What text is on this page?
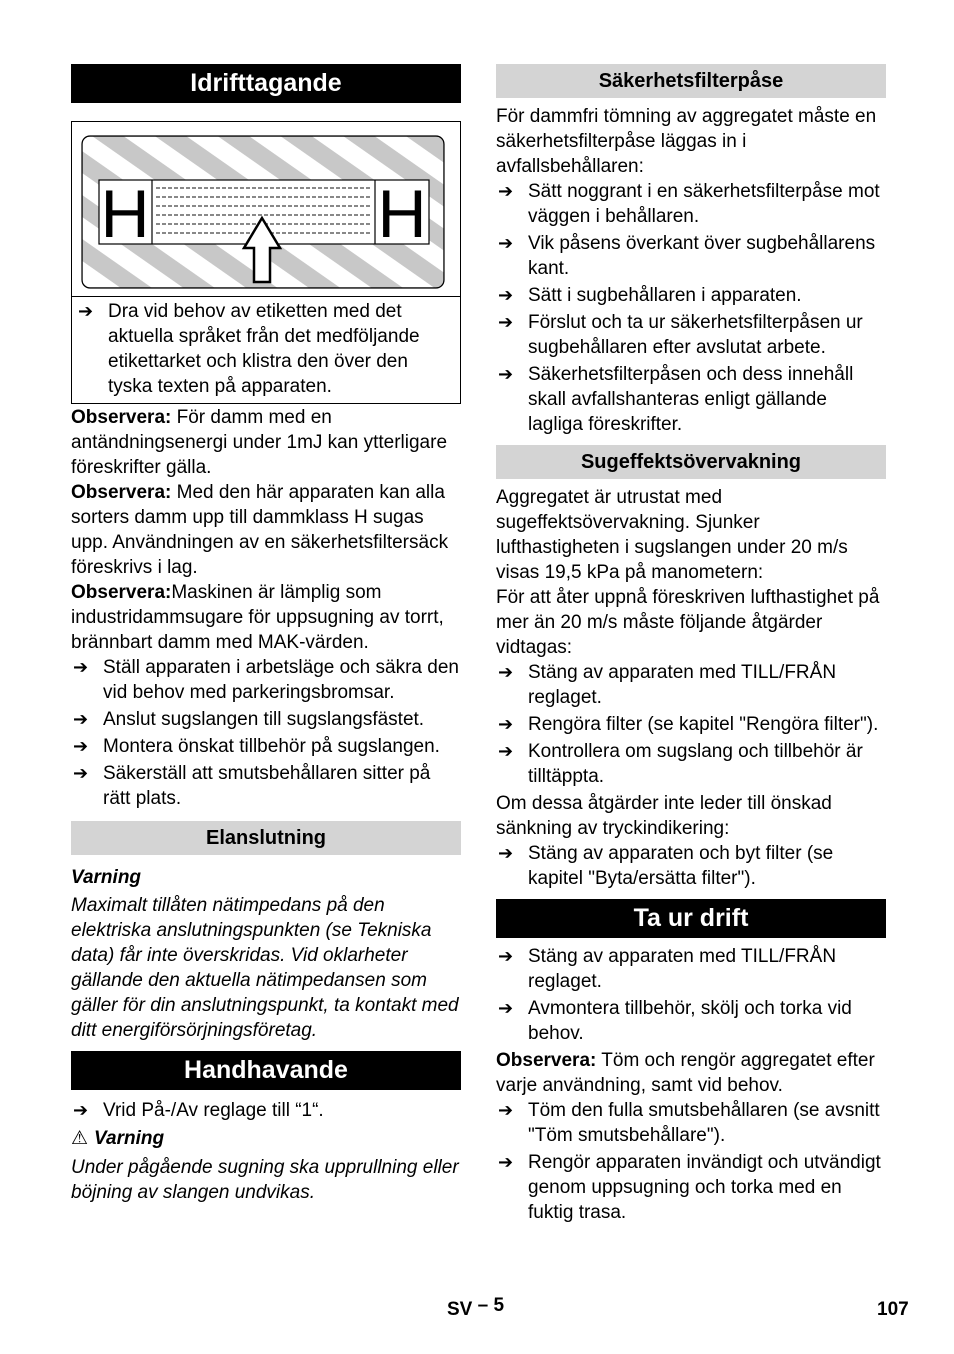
Idrifttagande
H	H
➔ Dra vid behov av etiketten med det aktuella språket från det medföljande etikettarket och klistra den över den tyska texten på apparaten.

Observera: För damm med en antändningsenergi under 1mJ kan ytterligare föreskrifter gälla.

Observera: Med den här apparaten kan alla sorters damm upp till dammklass H sugas upp. Användningen av en säkerhetsfiltersäck föreskrivs i lag.

Observera:Maskinen är lämplig som industridammsugare för uppsugning av torrt, brännbart damm med MAK-värden.

➔ Ställ apparaten i arbetsläge och säkra den vid behov med parkeringsbromsar.
➔ Anslut sugslangen till sugslangsfästet.
➔ Montera önskat tillbehör på sugslangen.
➔ Säkerställ att smutsbehållaren sitter på rätt plats.
Elanslutning

Varning

Maximalt tillåten nätimpedans på den elektriska anslutningspunkten (se Tekniska data) får inte överskridas. Vid oklarheter gällande den aktuella nätimpedansen som gäller för din anslutningspunkt, ta kontakt med ditt energiförsörjningsföretag.

Handhavande
➔ Vrid På-/Av reglage till “1“.

⚠ Varning

Under pågående sugning ska upprullning eller böjning av slangen undvikas.

Säkerhetsfilterpåse

För dammfri tömning av aggregatet måste en säkerhetsfilterpåse läggas in i avfallsbehållaren:

➔ Sätt noggrant i en säkerhetsfilterpåse mot väggen i behållaren.
➔ Vik påsens överkant över sugbehållarens kant.
➔ Sätt i sugbehållaren i apparaten.
➔ Förslut och ta ur säkerhetsfilterpåsen ur sugbehållaren efter avslutat arbete.
➔ Säkerhetsfilterpåsen och dess innehåll skall avfallshanteras enligt gällande lagliga föreskrifter.
Sugeffektsövervakning

Aggregatet är utrustat med sugeffektsövervakning. Sjunker lufthastigheten i sugslangen under 20 m/s visas 19,5 kPa på manometern:

För att åter uppnå föreskriven lufthastighet på mer än 20 m/s måste följande åtgärder vidtagas:

➔ Stäng av apparaten med TILL/FRÅN reglaget.
➔ Rengöra filter (se kapitel "Rengöra filter").
➔ Kontrollera om sugslang och tillbehör är tilltäppta.

Om dessa åtgärder inte leder till önskad sänkning av tryckindikering:

➔ Stäng av apparaten och byt filter (se kapitel "Byta/ersätta filter").
Ta ur drift
➔ Stäng av apparaten med TILL/FRÅN reglaget.
➔ Avmontera tillbehör, skölj och torka vid behov.

Observera: Töm och rengör aggregatet efter varje användning, samt vid behov.

➔ Töm den fulla smutsbehållaren (se avsnitt "Töm smutsbehållare").
➔ Rengör apparaten invändigt och utvändigt genom uppsugning och torka med en fuktig trasa.
SV – 5	107
